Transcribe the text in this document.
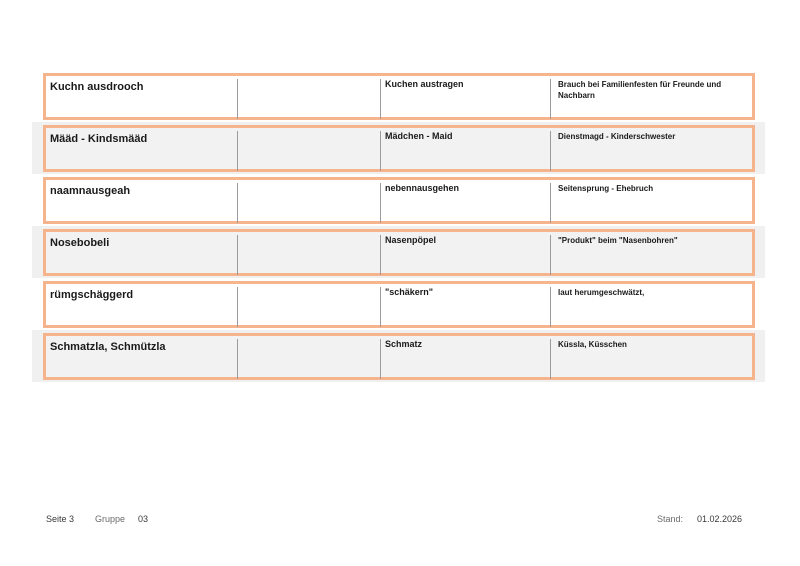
Kuchn ausdrooch	Kuchen austragen	Brauch bei Familienfesten für Freunde und Nachbarn
Määd - Kindsmääd	Mädchen - Maid	Dienstmagd - Kinderschwester
naamnausgeah	nebennausgehen	Seitensprung - Ehebruch
Nosebobeli	Nasenpöpel	"Produkt" beim "Nasenbohren"
rümgschäggerd	"schäkern"	laut herumgeschwätzt,
Schmatzla, Schmützla	Schmatz	Küssla, Küsschen
Seite 3 Gruppe 03	Stand: 01.02.2026
